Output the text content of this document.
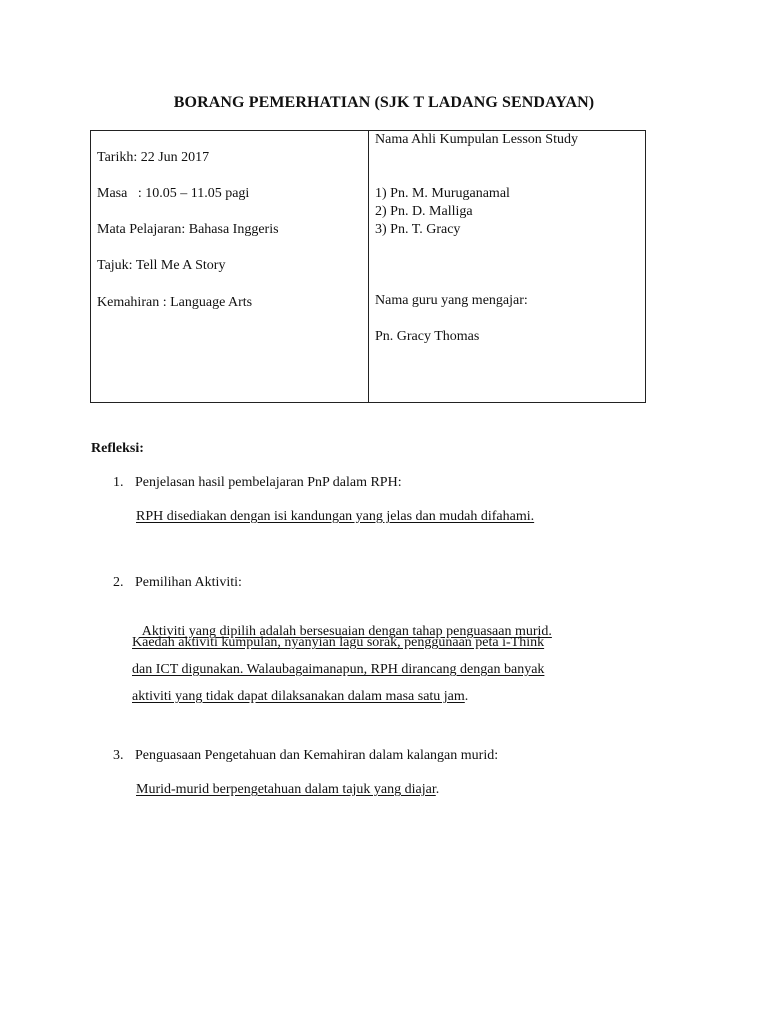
BORANG PEMERHATIAN (SJK T LADANG SENDAYAN)
Tarikh: 22 Jun 2017
Masa   : 10.05 – 11.05 pagi
Mata Pelajaran: Bahasa Inggeris
Tajuk: Tell Me A Story
Kemahiran : Language Arts
Nama Ahli Kumpulan Lesson Study
1) Pn. M. Muruganamal
2) Pn. D. Malliga
3) Pn. T. Gracy
Nama guru yang mengajar:
Pn. Gracy Thomas
Refleksi:
1. Penjelasan hasil pembelajaran PnP dalam RPH:
RPH disediakan dengan isi kandungan yang jelas dan mudah difahami.
2. Pemilihan Aktiviti:

Aktiviti yang dipilih adalah bersesuaian dengan tahap penguasaan murid.

Kaedah aktiviti kumpulan, nyanyian lagu sorak, penggunaan peta i-Think
dan ICT digunakan. Walaubagaimanapun, RPH dirancang dengan banyak
aktiviti yang tidak dapat dilaksanakan dalam masa satu jam.
3. Penguasaan Pengetahuan dan Kemahiran dalam kalangan murid:
Murid-murid berpengetahuan dalam tajuk yang diajar.
